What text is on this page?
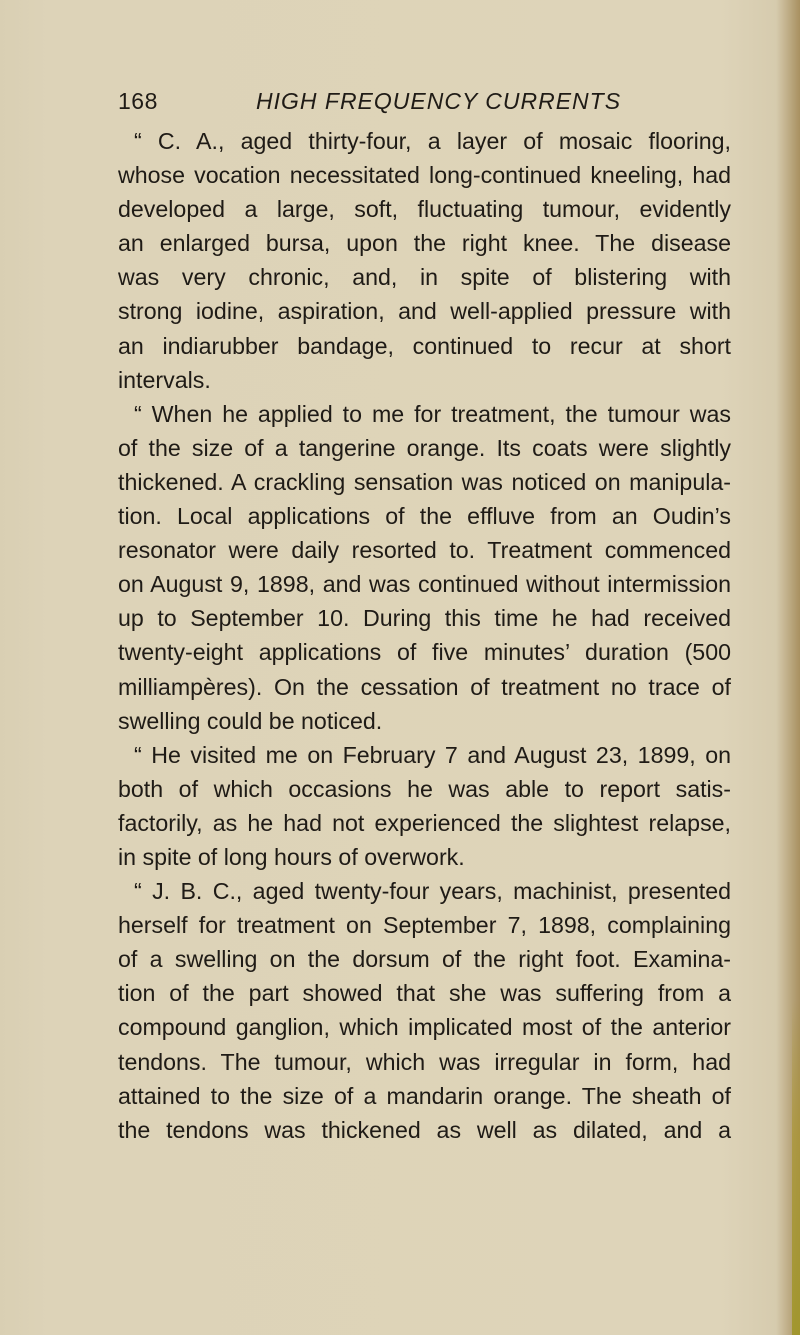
168	HIGH FREQUENCY CURRENTS
“ C. A., aged thirty-four, a layer of mosaic flooring,
whose vocation necessitated long-continued kneeling, had
developed a large, soft, fluctuating tumour, evidently
an enlarged bursa, upon the right knee. The disease
was very chronic, and, in spite of blistering with
strong iodine, aspiration, and well-applied pressure with
an indiarubber bandage, continued to recur at short
intervals.
“ When he applied to me for treatment, the tumour was
of the size of a tangerine orange. Its coats were slightly
thickened. A crackling sensation was noticed on manipula-
tion. Local applications of the effluve from an Oudin’s
resonator were daily resorted to. Treatment commenced
on August 9, 1898, and was continued without intermission
up to September 10. During this time he had received
twenty-eight applications of five minutes’ duration (500
milliampères). On the cessation of treatment no trace of
swelling could be noticed.
“ He visited me on February 7 and August 23, 1899, on
both of which occasions he was able to report satis-
factorily, as he had not experienced the slightest relapse,
in spite of long hours of overwork.
“ J. B. C., aged twenty-four years, machinist, presented
herself for treatment on September 7, 1898, complaining
of a swelling on the dorsum of the right foot. Examina-
tion of the part showed that she was suffering from a
compound ganglion, which implicated most of the anterior
tendons. The tumour, which was irregular in form, had
attained to the size of a mandarin orange. The sheath of
the tendons was thickened as well as dilated, and a
